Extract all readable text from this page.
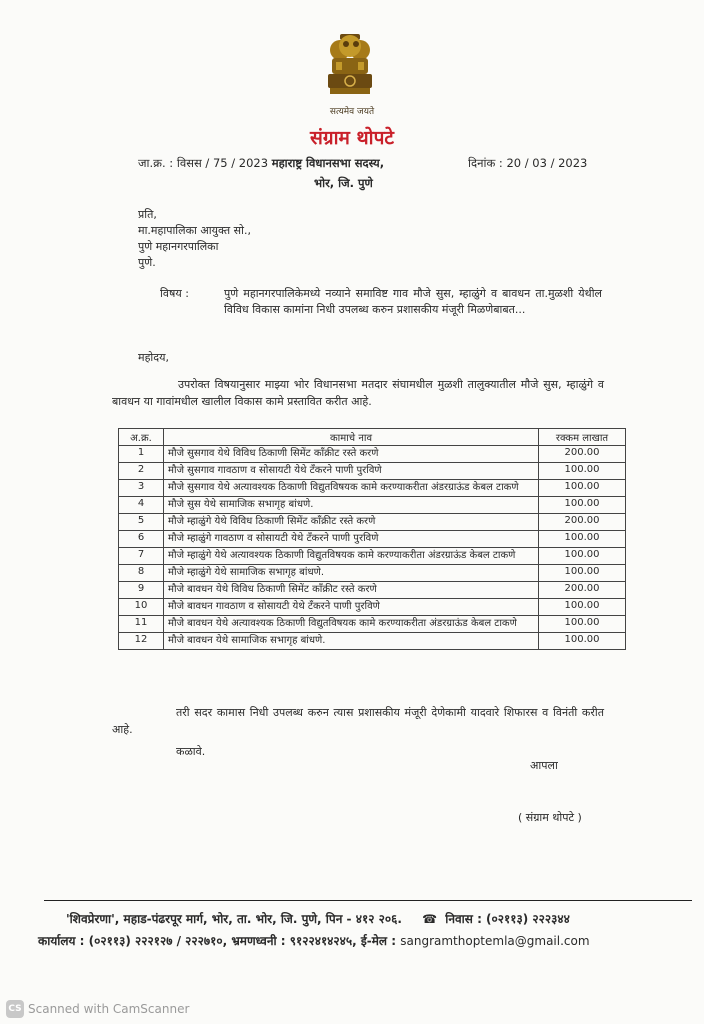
सत्यमेव जयते
संग्राम थोपटे
जा.क्र. : विसस / 75 / 2023 महाराष्ट्र विधानसभा सदस्य,	दिनांक : 20 / 03 / 2023
भोर, जि. पुणे
प्रति,
मा.महापालिका आयुक्त सो.,
पुणे महानगरपालिका
पुणे.
विषय :	पुणे महानगरपालिकेमध्ये नव्याने समाविष्ट गाव मौजे सुस, म्हाळुंगे व बावधन ता.मुळशी येथील विविध विकास कामांना निधी उपलब्ध करुन प्रशासकीय मंजूरी मिळणेबाबत...
महोदय,
उपरोक्त विषयानुसार माझ्या भोर विधानसभा मतदार संघामधील मुळशी तालुक्यातील मौजे सुस, म्हाळुंगे व बावधन या गावांमधील खालील विकास कामे प्रस्तावित करीत आहे.
अ.क्र.	कामाचे नाव	रक्कम लाखात
1	मौजे सुसगाव येथे विविध ठिकाणी सिमेंट कॉंक्रीट रस्ते करणे	200.00
2	मौजे सुसगाव गावठाण व सोसायटी येथे टॅंकरने पाणी पुरविणे	100.00
3	मौजे सुसगाव येथे अत्यावश्यक ठिकाणी विद्युतविषयक कामे करण्याकरीता अंडरग्राऊंड केबल टाकणे	100.00
4	मौजे सुस येथे सामाजिक सभागृह बांधणे.	100.00
5	मौजे म्हाळुंगे येथे विविध ठिकाणी सिमेंट कॉंक्रीट रस्ते करणे	200.00
6	मौजे म्हाळुंगे गावठाण व सोसायटी येथे टॅंकरने पाणी पुरविणे	100.00
7	मौजे म्हाळुंगे येथे अत्यावश्यक ठिकाणी विद्युतविषयक कामे करण्याकरीता अंडरग्राऊंड केबल टाकणे	100.00
8	मौजे म्हाळुंगे येथे सामाजिक सभागृह बांधणे.	100.00
9	मौजे बावधन येथे विविध ठिकाणी सिमेंट कॉंक्रीट रस्ते करणे	200.00
10	मौजे बावधन गावठाण व सोसायटी येथे टॅंकरने पाणी पुरविणे	100.00
11	मौजे बावधन येथे अत्यावश्यक ठिकाणी विद्युतविषयक कामे करण्याकरीता अंडरग्राऊंड केबल टाकणे	100.00
12	मौजे बावधन येथे सामाजिक सभागृह बांधणे.	100.00
तरी सदर कामास निधी उपलब्ध करुन त्यास प्रशासकीय मंजूरी देणेकामी यादवारे शिफारस व विनंती करीत आहे.
कळावे.
आपला
( संग्राम थोपटे )
'शिवप्रेरणा', महाड-पंढरपूर मार्ग, भोर, ता. भोर, जि. पुणे, पिन - ४१२ २०६. ☎ निवास : (०२११३) २२२३४४
कार्यालय : (०२११३) २२२१२७ / २२२७१०, भ्रमणध्वनी : ९१२२४१४२४५, ई-मेल : sangramthoptemla@gmail.com
CS Scanned with CamScanner
